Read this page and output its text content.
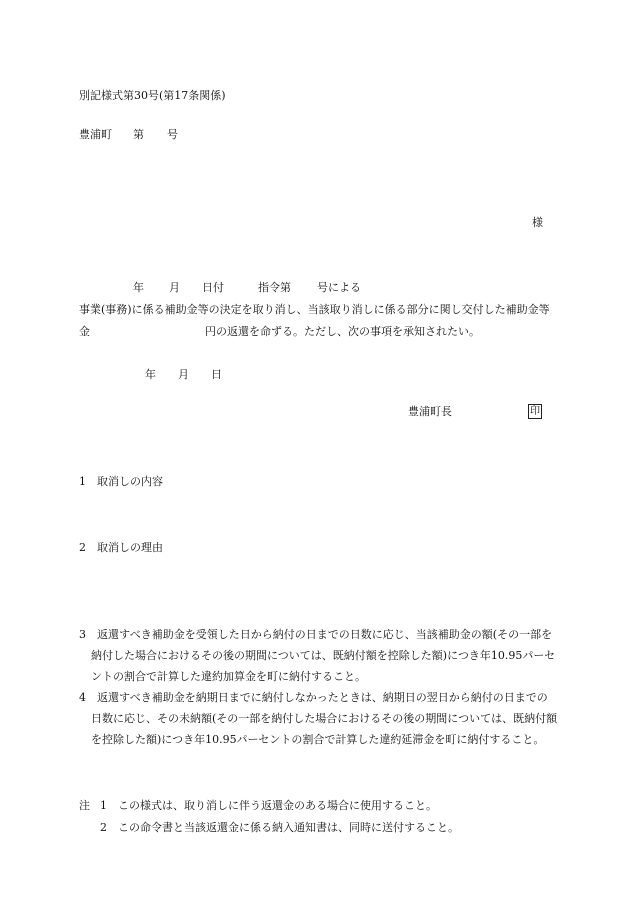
別記様式第30号(第17条関係)
豊浦町 第 号
様
年 月 日付	指令第 号による
事業(事務)に係る補助金等の決定を取り消し、当該取り消しに係る部分に関し交付した補助金等
金	円の返還を命ずる。ただし、次の事項を承知されたい。
年 月 日
豊浦町長	印
1　取消しの内容
2　取消しの理由
3　返還すべき補助金を受領した日から納付の日までの日数に応じ、当該補助金の額(その一部を
納付した場合におけるその後の期間については、既納付額を控除した額)につき年10.95パーセ
ントの割合で計算した違約加算金を町に納付すること。
4　返還すべき補助金を納期日までに納付しなかったときは、納期日の翌日から納付の日までの
日数に応じ、その未納額(その一部を納付した場合におけるその後の期間については、既納付額
を控除した額)につき年10.95パーセントの割合で計算した違約延滞金を町に納付すること。
注 1 この様式は、取り消しに伴う返還金のある場合に使用すること。
2 この命令書と当該返還金に係る納入通知書は、同時に送付すること。
